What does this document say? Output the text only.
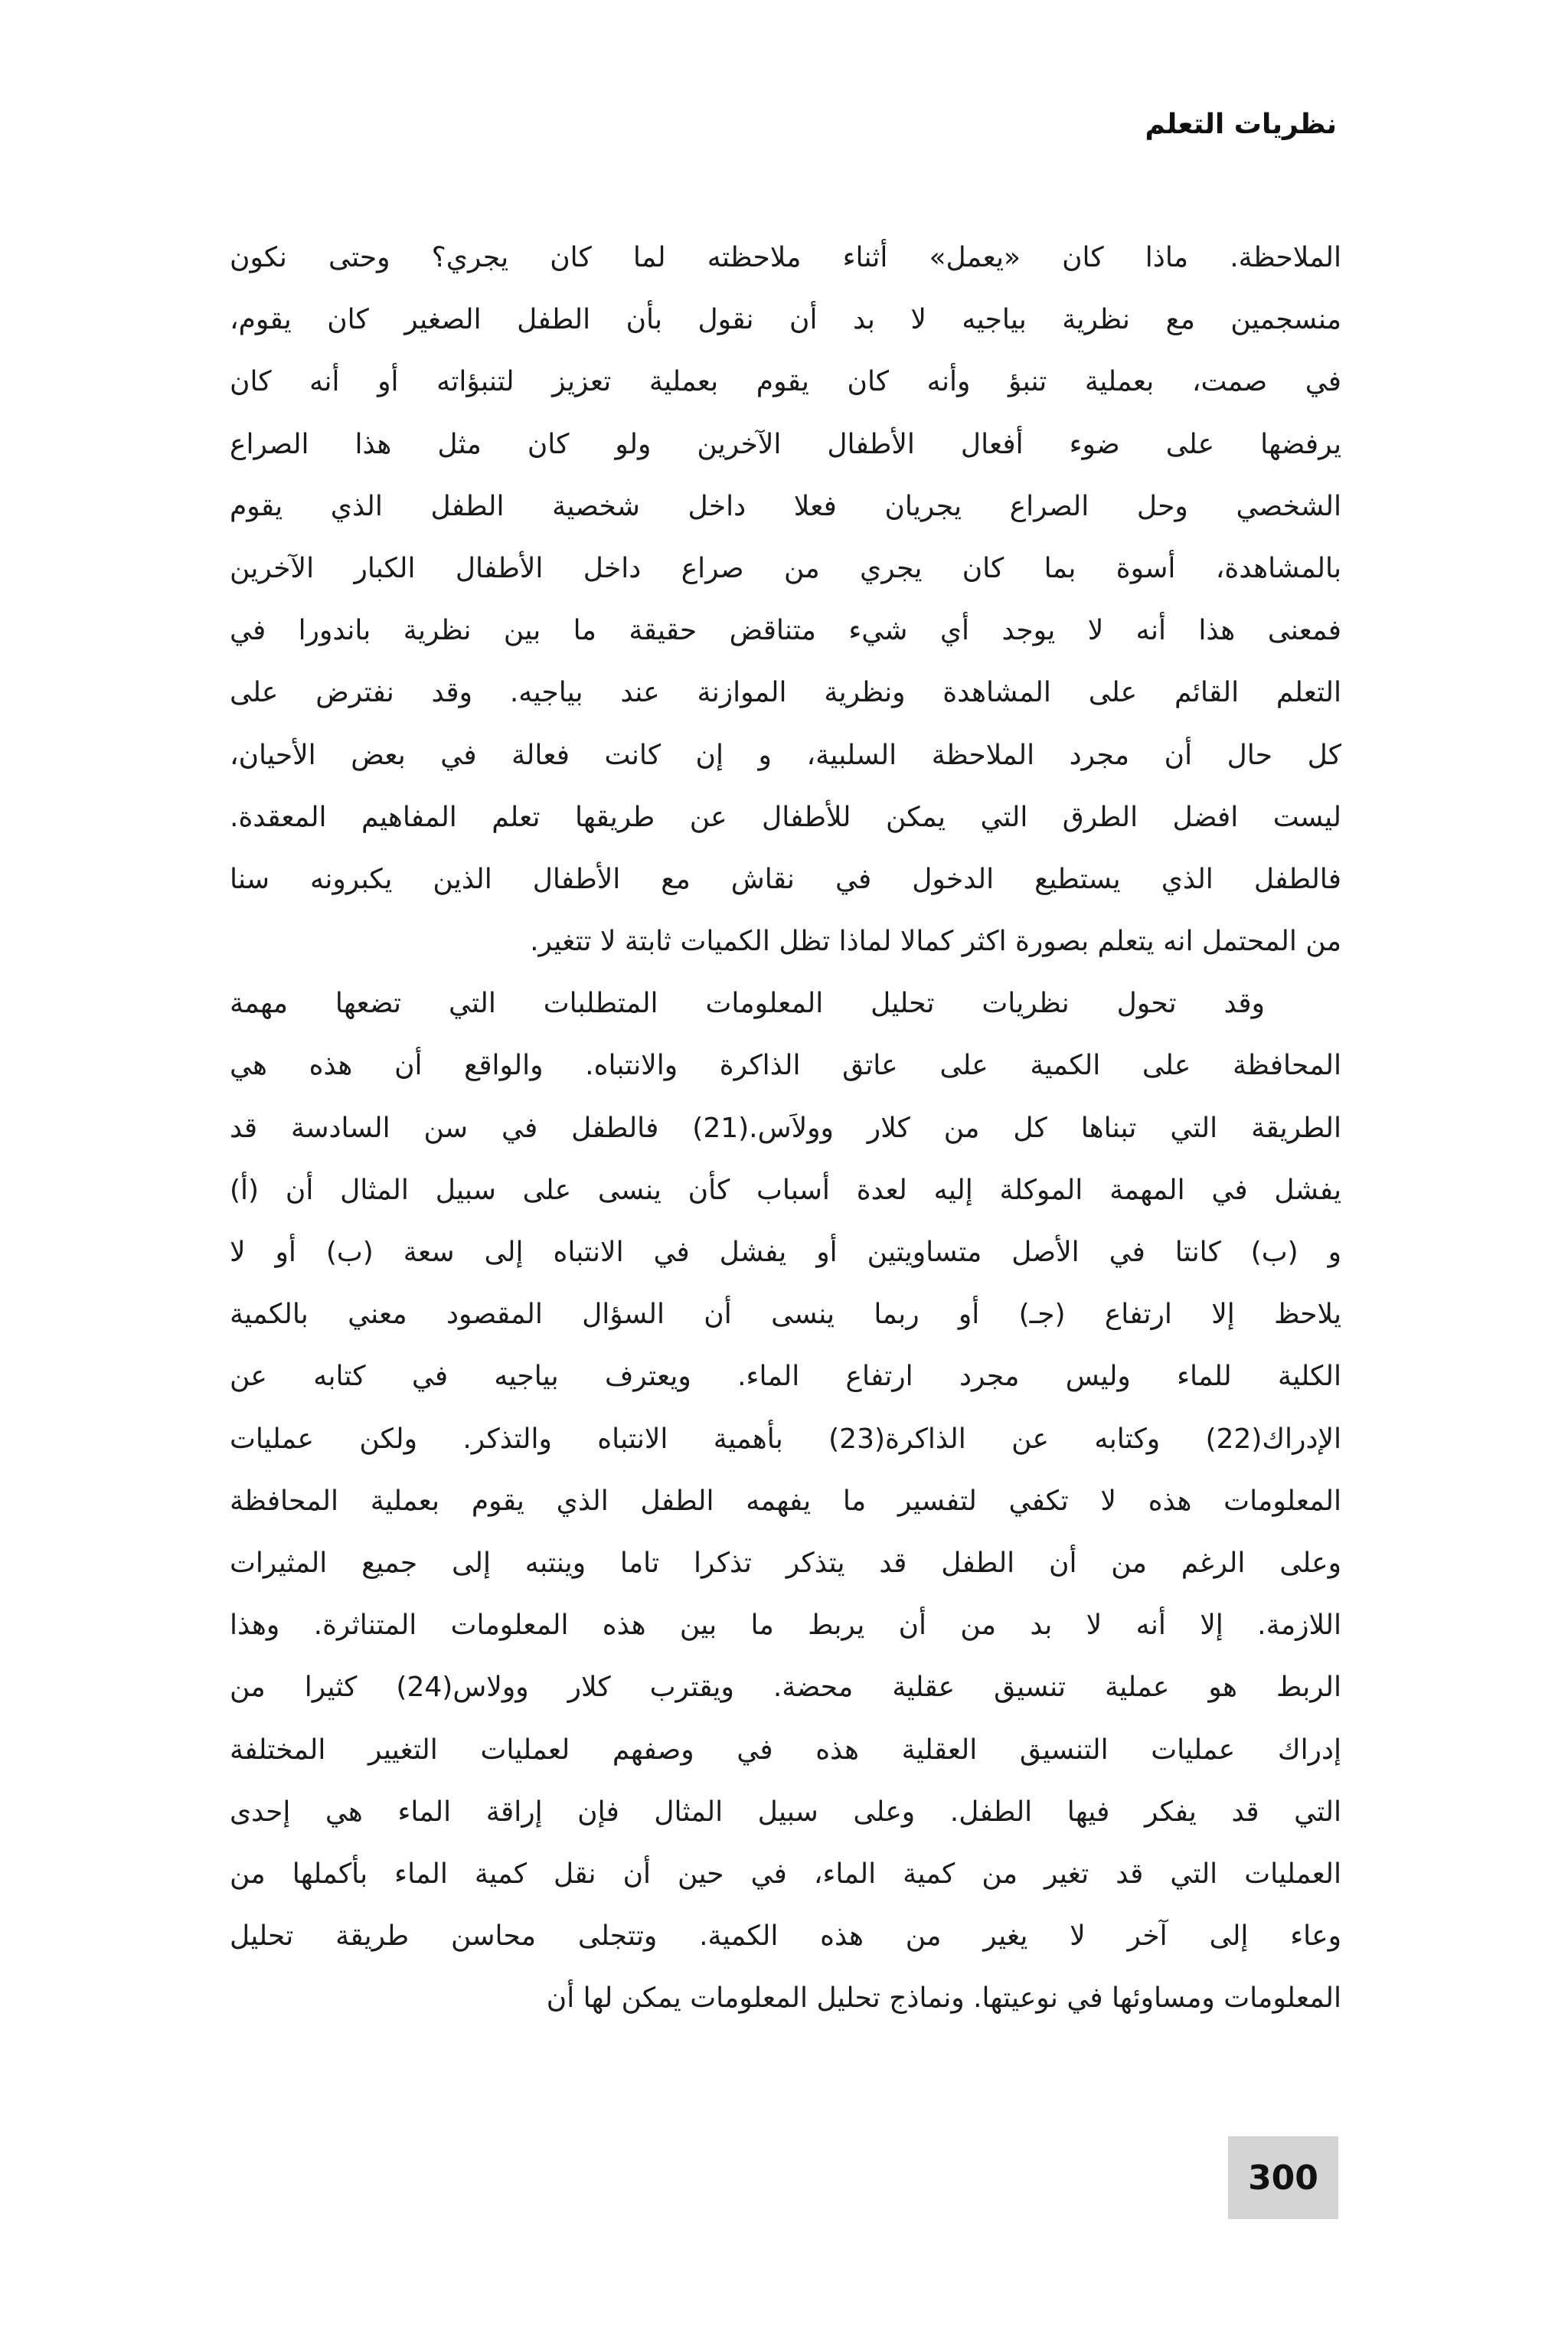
نظريات التعلم
الملاحظة. ماذا كان «يعمل» أثناء ملاحظته لما كان يجري؟ وحتى نكون
منسجمين مع نظرية بياجيه لا بد أن نقول بأن الطفل الصغير كان يقوم،
في صمت، بعملية تنبؤ وأنه كان يقوم بعملية تعزيز لتنبؤاته أو أنه كان
يرفضها على ضوء أفعال الأطفال الآخرين ولو كان مثل هذا الصراع
الشخصي وحل الصراع يجريان فعلا داخل شخصية الطفل الذي يقوم
بالمشاهدة، أسوة بما كان يجري من صراع داخل الأطفال الكبار الآخرين
فمعنى هذا أنه لا يوجد أي شيء متناقض حقيقة ما بين نظرية باندورا في
التعلم القائم على المشاهدة ونظرية الموازنة عند بياجيه. وقد نفترض على
كل حال أن مجرد الملاحظة السلبية، و إن كانت فعالة في بعض الأحيان،
ليست افضل الطرق التي يمكن للأطفال عن طريقها تعلم المفاهيم المعقدة.
فالطفل الذي يستطيع الدخول في نقاش مع الأطفال الذين يكبرونه سنا
من المحتمل انه يتعلم بصورة اكثر كمالا لماذا تظل الكميات ثابتة لا تتغير.
وقد تحول نظريات تحليل المعلومات المتطلبات التي تضعها مهمة
المحافظة على الكمية على عاتق الذاكرة والانتباه. والواقع أن هذه هي
الطريقة التي تبناها كل من كلار وولاَس.(21) فالطفل في سن السادسة قد
يفشل في المهمة الموكلة إليه لعدة أسباب كأن ينسى على سبيل المثال أن (أ)
و (ب) كانتا في الأصل متساويتين أو يفشل في الانتباه إلى سعة (ب) أو لا
يلاحظ إلا ارتفاع (جـ) أو ربما ينسى أن السؤال المقصود معني بالكمية
الكلية للماء وليس مجرد ارتفاع الماء. ويعترف بياجيه في كتابه عن
الإدراك(22) وكتابه عن الذاكرة(23) بأهمية الانتباه والتذكر. ولكن عمليات
المعلومات هذه لا تكفي لتفسير ما يفهمه الطفل الذي يقوم بعملية المحافظة
وعلى الرغم من أن الطفل قد يتذكر تذكرا تاما وينتبه إلى جميع المثيرات
اللازمة. إلا أنه لا بد من أن يربط ما بين هذه المعلومات المتناثرة. وهذا
الربط هو عملية تنسيق عقلية محضة. ويقترب كلار وولاس(24) كثيرا من
إدراك عمليات التنسيق العقلية هذه في وصفهم لعمليات التغيير المختلفة
التي قد يفكر فيها الطفل. وعلى سبيل المثال فإن إراقة الماء هي إحدى
العمليات التي قد تغير من كمية الماء، في حين أن نقل كمية الماء بأكملها من
وعاء إلى آخر لا يغير من هذه الكمية. وتتجلى محاسن طريقة تحليل
المعلومات ومساوئها في نوعيتها. ونماذج تحليل المعلومات يمكن لها أن
300
